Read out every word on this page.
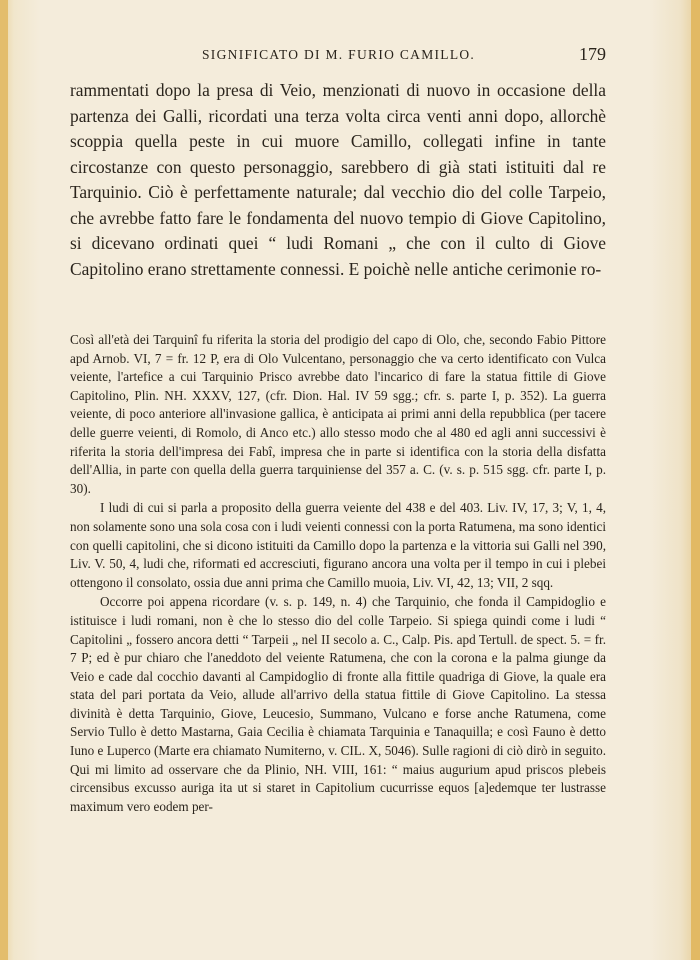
SIGNIFICATO DI M. FURIO CAMILLO.	179

rammentati dopo la presa di Veio, menzionati di nuovo in occasione della partenza dei Galli, ricordati una terza volta circa venti anni dopo, allorchè scoppia quella peste in cui muore Camillo, collegati infine in tante circostanze con questo personaggio, sarebbero di già stati istituiti dal re Tarquinio. Ciò è perfettamente naturale; dal vecchio dio del colle Tarpeio, che avrebbe fatto fare le fondamenta del nuovo tempio di Giove Capitolino, si dicevano ordinati quei “ ludi Romani „ che con il culto di Giove Capitolino erano strettamente connessi. E poichè nelle antiche cerimonie ro-

Così all'età dei Tarquinî fu riferita la storia del prodigio del capo di Olo, che, secondo Fabio Pittore apd Arnob. VI, 7 = fr. 12 P, era di Olo Vulcentano, personaggio che va certo identificato con Vulca veiente, l'artefice a cui Tarquinio Prisco avrebbe dato l'incarico di fare la statua fittile di Giove Capitolino, Plin. NH. XXXV, 127, (cfr. Dion. Hal. IV 59 sgg.; cfr. s. parte I, p. 352). La guerra veiente, di poco anteriore all'invasione gallica, è anticipata ai primi anni della repubblica (per tacere delle guerre veienti, di Romolo, di Anco etc.) allo stesso modo che al 480 ed agli anni successivi è riferita la storia dell'impresa dei Fabî, impresa che in parte si identifica con la storia della disfatta dell'Allia, in parte con quella della guerra tarquiniense del 357 a. C. (v. s. p. 515 sgg. cfr. parte I, p. 30).

I ludi di cui si parla a proposito della guerra veiente del 438 e del 403. Liv. IV, 17, 3; V, 1, 4, non solamente sono una sola cosa con i ludi veienti connessi con la porta Ratumena, ma sono identici con quelli capitolini, che si dicono istituiti da Camillo dopo la partenza e la vittoria sui Galli nel 390, Liv. V. 50, 4, ludi che, riformati ed accresciuti, figurano ancora una volta per il tempo in cui i plebei ottengono il consolato, ossia due anni prima che Camillo muoia, Liv. VI, 42, 13; VII, 2 sqq.

Occorre poi appena ricordare (v. s. p. 149, n. 4) che Tarquinio, che fonda il Campidoglio e istituisce i ludi romani, non è che lo stesso dio del colle Tarpeio. Si spiega quindi come i ludi “ Capitolini „ fossero ancora detti “ Tarpeii „ nel II secolo a. C., Calp. Pis. apd Tertull. de spect. 5. = fr. 7 P; ed è pur chiaro che l'aneddoto del veiente Ratumena, che con la corona e la palma giunge da Veio e cade dal cocchio davanti al Campidoglio di fronte alla fittile quadriga di Giove, la quale era stata del pari portata da Veio, allude all'arrivo della statua fittile di Giove Capitolino. La stessa divinità è detta Tarquinio, Giove, Leucesio, Summano, Vulcano e forse anche Ratumena, come Servio Tullo è detto Mastarna, Gaia Cecilia è chiamata Tarquinia e Tanaquilla; e così Fauno è detto Iuno e Luperco (Marte era chiamato Numiterno, v. CIL. X, 5046). Sulle ragioni di ciò dirò in seguito. Qui mi limito ad osservare che da Plinio, NH. VIII, 161: “ maius augurium apud priscos plebeis circensibus excusso auriga ita ut si staret in Capitolium cucurrisse equos [a]edemque ter lustrasse maximum vero eodem per-
